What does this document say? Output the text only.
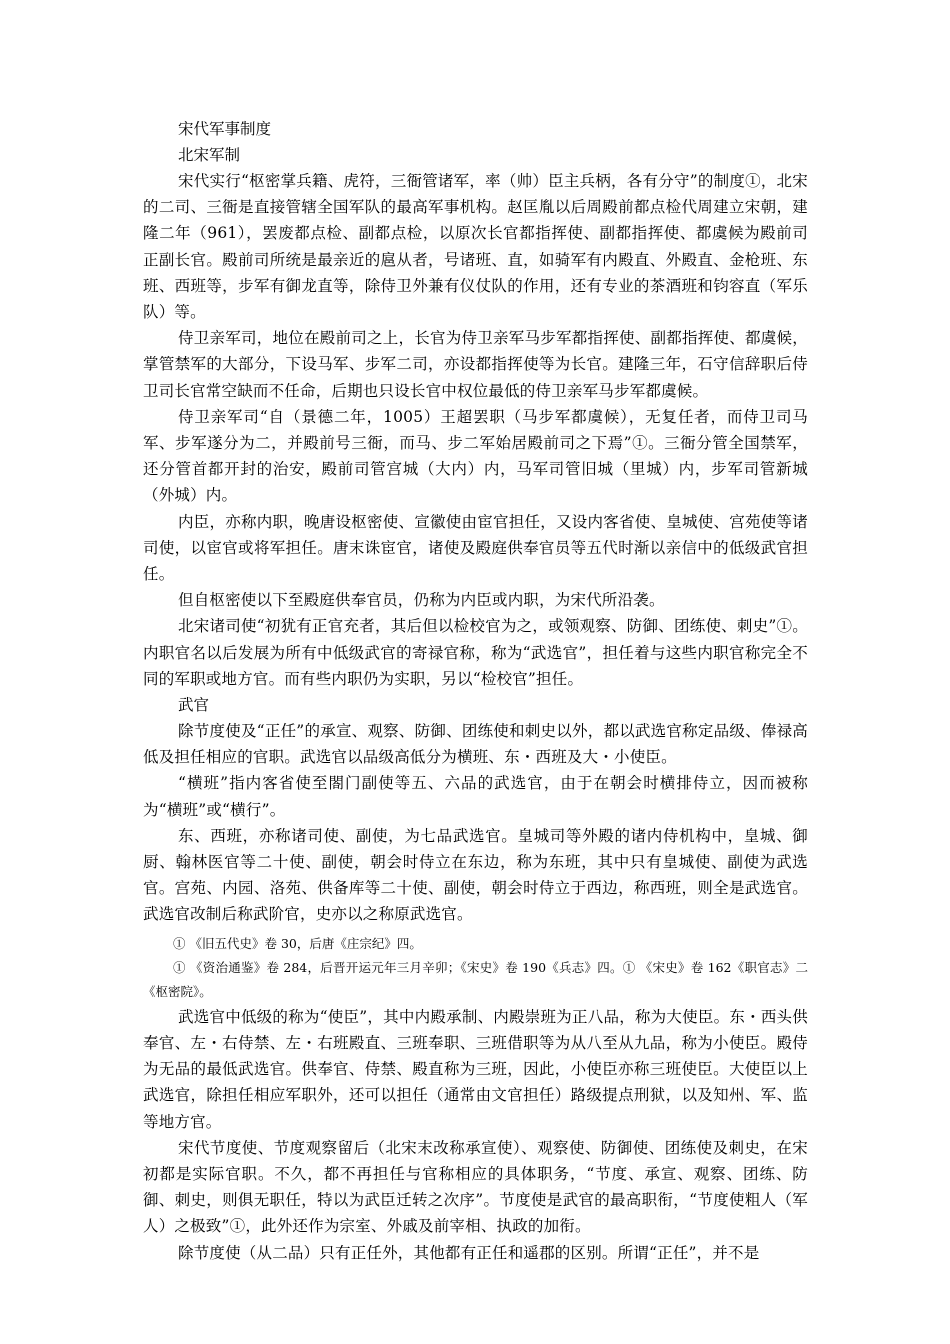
宋代军事制度
北宋军制

宋代实行“枢密掌兵籍、虎符，三衙管诸军，率（帅）臣主兵柄，各有分守”的制度①，北宋的二司、三衙是直接管辖全国军队的最高军事机构。赵匡胤以后周殿前都点检代周建立宋朝，建隆二年（961），罢废都点检、副都点检，以原次长官都指挥使、副都指挥使、都虞候为殿前司正副长官。殿前司所统是最亲近的扈从者，号诸班、直，如骑军有内殿直、外殿直、金枪班、东班、西班等，步军有御龙直等，除侍卫外兼有仪仗队的作用，还有专业的茶酒班和钧容直（军乐队）等。

侍卫亲军司，地位在殿前司之上，长官为侍卫亲军马步军都指挥使、副都指挥使、都虞候，掌管禁军的大部分，下设马军、步军二司，亦设都指挥使等为长官。建隆三年，石守信辞职后侍卫司长官常空缺而不任命，后期也只设长官中权位最低的侍卫亲军马步军都虞候。

侍卫亲军司“自（景德二年，1005）王超罢职（马步军都虞候），无复任者，而侍卫司马军、步军遂分为二，并殿前号三衙，而马、步二军始居殿前司之下焉”①。三衙分管全国禁军，还分管首都开封的治安，殿前司管宫城（大内）内，马军司管旧城（里城）内，步军司管新城（外城）内。

内臣，亦称内职，晚唐设枢密使、宣徽使由宦官担任，又设内客省使、皇城使、宫苑使等诸司使，以宦官或将军担任。唐末诛宦官，诸使及殿庭供奉官员等五代时渐以亲信中的低级武官担任。

但自枢密使以下至殿庭供奉官员，仍称为内臣或内职，为宋代所沿袭。

北宋诸司使“初犹有正官充者，其后但以检校官为之，或领观察、防御、团练使、刺史”①。内职官名以后发展为所有中低级武官的寄禄官称，称为“武选官”，担任着与这些内职官称完全不同的军职或地方官。而有些内职仍为实职，另以“检校官”担任。

武官

除节度使及“正任”的承宣、观察、防御、团练使和刺史以外，都以武选官称定品级、俸禄高低及担任相应的官职。武选官以品级高低分为横班、东・西班及大・小使臣。

“横班”指内客省使至閤门副使等五、六品的武选官，由于在朝会时横排侍立，因而被称为“横班”或“横行”。

东、西班，亦称诸司使、副使，为七品武选官。皇城司等外殿的诸内侍机构中，皇城、御厨、翰林医官等二十使、副使，朝会时侍立在东边，称为东班，其中只有皇城使、副使为武选官。宫苑、内园、洛苑、供备库等二十使、副使，朝会时侍立于西边，称西班，则全是武选官。武选官改制后称武阶官，史亦以之称原武选官。

① 《旧五代史》卷 30，后唐《庄宗纪》四。

① 《资治通鉴》卷 284，后晋开运元年三月辛卯；《宋史》卷 190《兵志》四。① 《宋史》卷 162《职官志》二《枢密院》。

武选官中低级的称为“使臣”，其中内殿承制、内殿崇班为正八品，称为大使臣。东・西头供奉官、左・右侍禁、左・右班殿直、三班奉职、三班借职等为从八至从九品，称为小使臣。殿侍为无品的最低武选官。供奉官、侍禁、殿直称为三班，因此，小使臣亦称三班使臣。大使臣以上武选官，除担任相应军职外，还可以担任（通常由文官担任）路级提点刑狱，以及知州、军、监等地方官。

宋代节度使、节度观察留后（北宋末改称承宣使）、观察使、防御使、团练使及刺史，在宋初都是实际官职。不久，都不再担任与官称相应的具体职务，“节度、承宣、观察、团练、防御、刺史，则俱无职任，特以为武臣迁转之次序”。节度使是武官的最高职衔，“节度使粗人（军人）之极致”①，此外还作为宗室、外戚及前宰相、执政的加衔。

除节度使（从二品）只有正任外，其他都有正任和遥郡的区别。所谓“正任”，并不是
